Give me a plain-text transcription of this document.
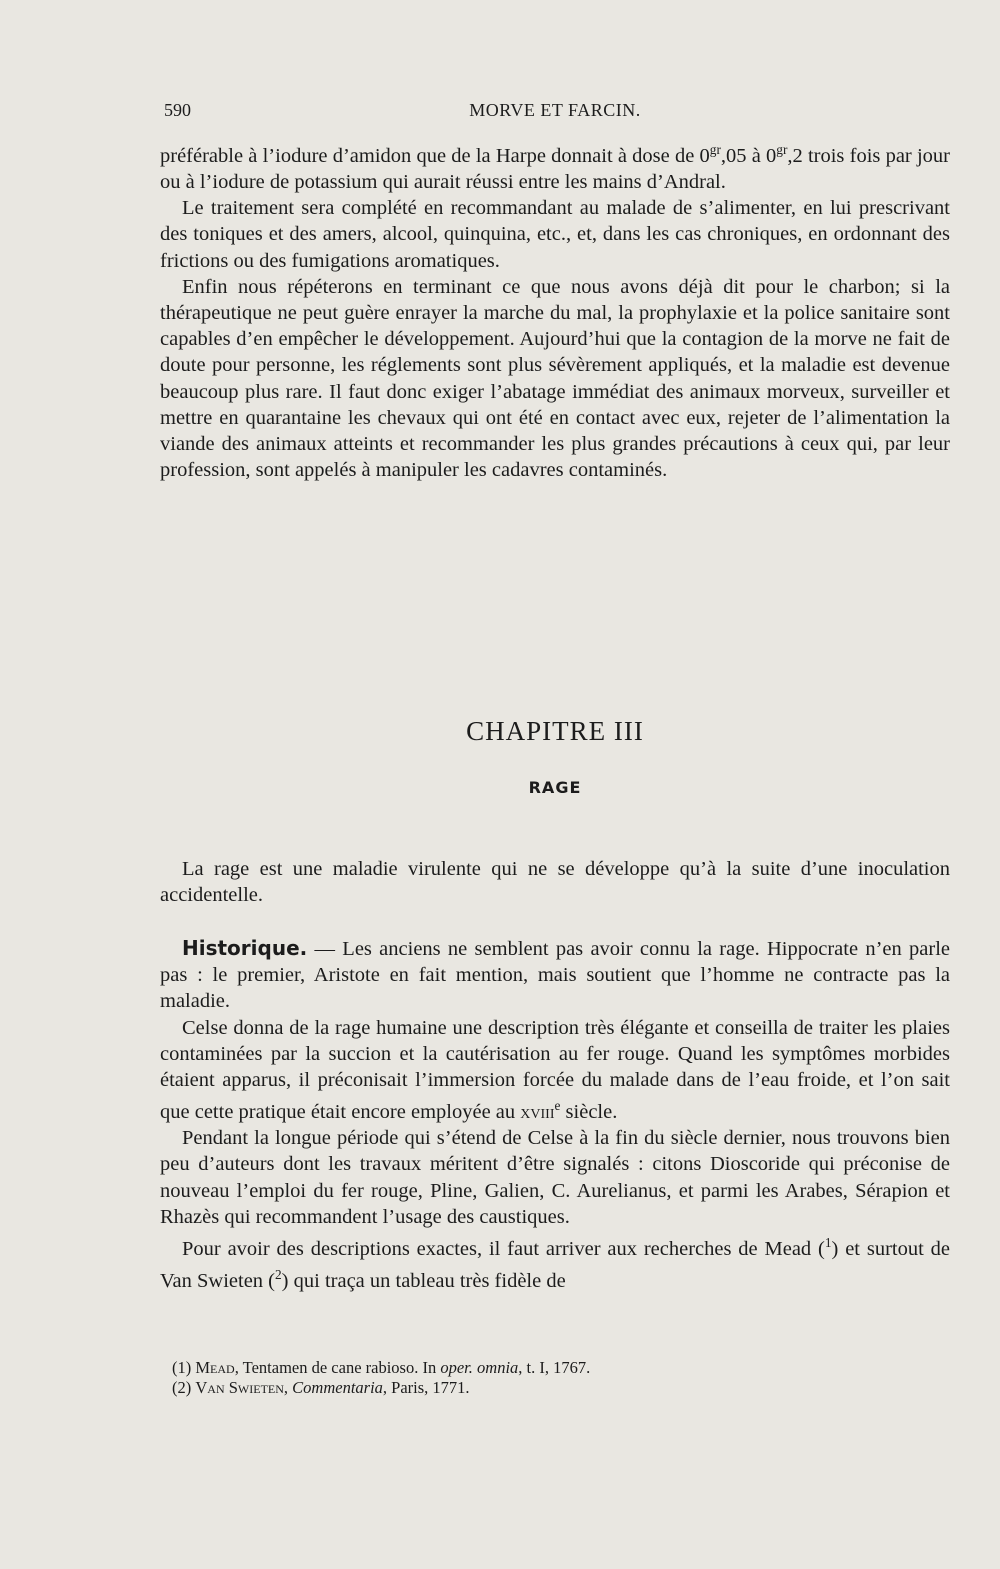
590	MORVE ET FARCIN.

préférable à l’iodure d’amidon que de la Harpe donnait à dose de $0^{gr},05$ à $0^{gr},2$ trois fois par jour ou à l’iodure de potassium qui aurait réussi entre les mains d’Andral.

Le traitement sera complété en recommandant au malade de s’alimenter, en lui prescrivant des toniques et des amers, alcool, quinquina, etc., et, dans les cas chroniques, en ordonnant des frictions ou des fumigations aromatiques.

Enfin nous répéterons en terminant ce que nous avons déjà dit pour le charbon; si la thérapeutique ne peut guère enrayer la marche du mal, la prophylaxie et la police sanitaire sont capables d’en empêcher le développement. Aujourd’hui que la contagion de la morve ne fait de doute pour personne, les réglements sont plus sévèrement appliqués, et la maladie est devenue beaucoup plus rare. Il faut donc exiger l’abatage immédiat des animaux morveux, surveiller et mettre en quarantaine les chevaux qui ont été en contact avec eux, rejeter de l’alimentation la viande des animaux atteints et recommander les plus grandes précautions à ceux qui, par leur profession, sont appelés à manipuler les cadavres contaminés.

CHAPITRE III
RAGE

La rage est une maladie virulente qui ne se développe qu’à la suite d’une inoculation accidentelle.

Historique. — Les anciens ne semblent pas avoir connu la rage. Hippocrate n’en parle pas : le premier, Aristote en fait mention, mais soutient que l’homme ne contracte pas la maladie.

Celse donna de la rage humaine une description très élégante et conseilla de traiter les plaies contaminées par la succion et la cautérisation au fer rouge. Quand les symptômes morbides étaient apparus, il préconisait l’immersion forcée du malade dans de l’eau froide, et l’on sait que cette pratique était encore employée au xviii$^e$ siècle.

Pendant la longue période qui s’étend de Celse à la fin du siècle dernier, nous trouvons bien peu d’auteurs dont les travaux méritent d’être signalés : citons Dioscoride qui préconise de nouveau l’emploi du fer rouge, Pline, Galien, C. Aurelianus, et parmi les Arabes, Sérapion et Rhazès qui recommandent l’usage des caustiques.

Pour avoir des descriptions exactes, il faut arriver aux recherches de Mead ($^1$) et surtout de Van Swieten ($^2$) qui traça un tableau très fidèle de

(1) Mead, Tentamen de cane rabioso. In oper. omnia, t. I, 1767.
(2) Van Swieten, Commentaria, Paris, 1771.
